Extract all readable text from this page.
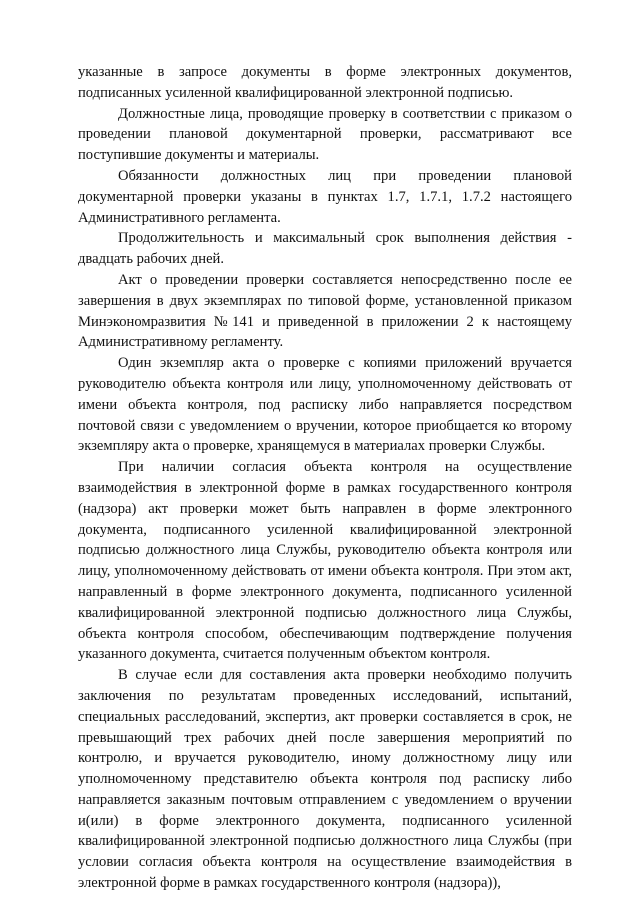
указанные в запросе документы в форме электронных документов, подписанных усиленной квалифицированной электронной подписью.

Должностные лица, проводящие проверку в соответствии с приказом о проведении плановой документарной проверки, рассматривают все поступившие документы и материалы.

Обязанности должностных лиц при проведении плановой документарной проверки указаны в пунктах 1.7, 1.7.1, 1.7.2 настоящего Административного регламента.

Продолжительность и максимальный срок выполнения действия - двадцать рабочих дней.

Акт о проведении проверки составляется непосредственно после ее завершения в двух экземплярах по типовой форме, установленной приказом Минэкономразвития №141 и приведенной в приложении 2 к настоящему Административному регламенту.

Один экземпляр акта о проверке с копиями приложений вручается руководителю объекта контроля или лицу, уполномоченному действовать от имени объекта контроля, под расписку либо направляется посредством почтовой связи с уведомлением о вручении, которое приобщается ко второму экземпляру акта о проверке, хранящемуся в материалах проверки Службы.

При наличии согласия объекта контроля на осуществление взаимодействия в электронной форме в рамках государственного контроля (надзора) акт проверки может быть направлен в форме электронного документа, подписанного усиленной квалифицированной электронной подписью должностного лица Службы, руководителю объекта контроля или лицу, уполномоченному действовать от имени объекта контроля. При этом акт, направленный в форме электронного документа, подписанного усиленной квалифицированной электронной подписью должностного лица Службы, объекта контроля способом, обеспечивающим подтверждение получения указанного документа, считается полученным объектом контроля.

В случае если для составления акта проверки необходимо получить заключения по результатам проведенных исследований, испытаний, специальных расследований, экспертиз, акт проверки составляется в срок, не превышающий трех рабочих дней после завершения мероприятий по контролю, и вручается руководителю, иному должностному лицу или уполномоченному представителю объекта контроля под расписку либо направляется заказным почтовым отправлением с уведомлением о вручении и(или) в форме электронного документа, подписанного усиленной квалифицированной электронной подписью должностного лица Службы (при условии согласия объекта контроля на осуществление взаимодействия в электронной форме в рамках государственного контроля (надзора)),
